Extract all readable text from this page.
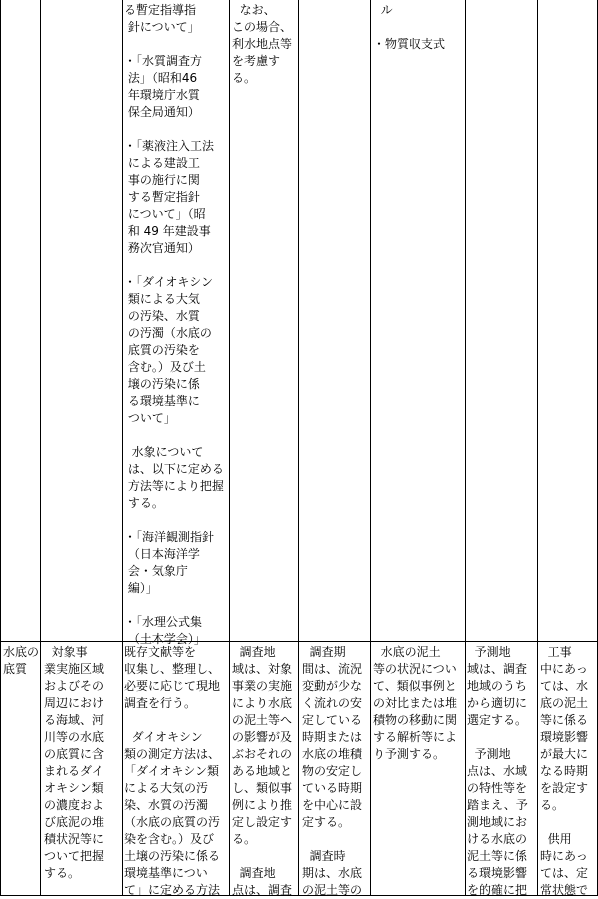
る暫定指導指
針について」

・「水質調査方
法」（昭和46
年環境庁水質
保全局通知）

・「薬液注入工法
による建設工
事の施行に関
する暫定指針
について」（昭
和 49 年建設事
務次官通知）

・「ダイオキシン
類による大気
の汚染、水質
の汚濁（水底の
底質の汚染を
含む。）及び土
壌の汚染に係
る環境基準に
ついて」

水象について
は、以下に定める
方法等により把握
する。

・「海洋観測指針
（日本海洋学
会・気象庁
編）」

・「水理公式集
（土木学会）」
なお、
この場合、
利水地点等
を考慮す
る。
ル

・物質収支式
水底の
底質
対象事
業実施区域
およびその
周辺におけ
る海域、河
川等の水底
の底質に含
まれるダイ
オキシン類
の濃度およ
び底泥の堆
積状況等に
ついて把握
する。
既存文献等を
収集し、整理し、
必要に応じて現地
調査を行う。

ダイオキシン
類の測定方法は、
「ダイオキシン類
による大気の汚
染、水質の汚濁
（水底の底質の汚
染を含む。）及び
土壌の汚染に係る
環境基準につい
て」に定める方法
調査地
域は、対象
事業の実施
により水底
の泥土等へ
の影響が及
ぶおそれの
ある地域と
し、類似事
例により推
定し設定す
る。

調査地
点は、調査
調査期
間は、流況
変動が少な
く流れの安
定している
時期または
水底の堆積
物の安定し
ている時期
を中心に設
定する。

調査時
期は、水底
の泥土等の
水底の泥土
等の状況につい
て、類似事例と
の対比または堆
積物の移動に関
する解析等によ
り予測する。
予測地
域は、調査
地域のうち
から適切に
選定する。

予測地
点は、水域
の特性等を
踏まえ、予
測地域にお
ける水底の
泥土等に係
る環境影響
を的確に把
工事
中にあっ
ては、水
底の泥土
等に係る
環境影響
が最大に
なる時期
を設定す
る。

供用
時にあっ
ては、定
常状態で
